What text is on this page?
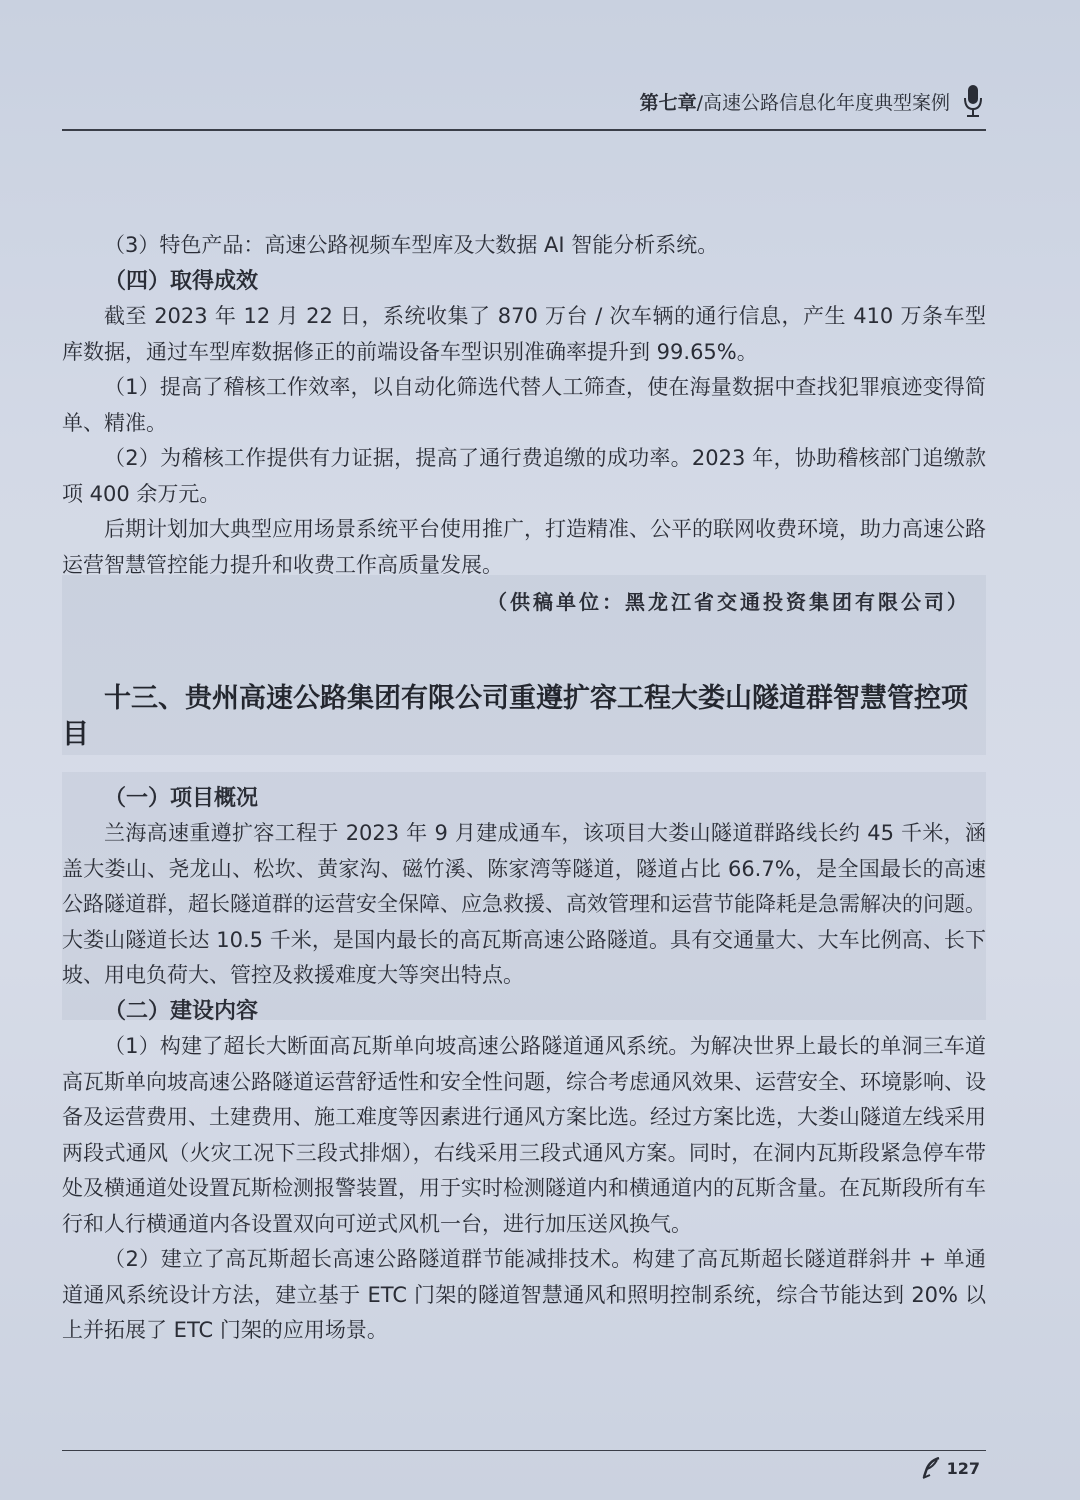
第七章/高速公路信息化年度典型案例

（3）特色产品：高速公路视频车型库及大数据 AI 智能分析系统。

（四）取得成效

截至 2023 年 12 月 22 日，系统收集了 870 万台 / 次车辆的通行信息，产生 410 万条车型库数据，通过车型库数据修正的前端设备车型识别准确率提升到 99.65%。

（1）提高了稽核工作效率，以自动化筛选代替人工筛查，使在海量数据中查找犯罪痕迹变得简单、精准。

（2）为稽核工作提供有力证据，提高了通行费追缴的成功率。2023 年，协助稽核部门追缴款项 400 余万元。

后期计划加大典型应用场景系统平台使用推广，打造精准、公平的联网收费环境，助力高速公路运营智慧管控能力提升和收费工作高质量发展。

（供稿单位：黑龙江省交通投资集团有限公司）
十三、贵州高速公路集团有限公司重遵扩容工程大娄山隧道群智慧管控项目
（一）项目概况

兰海高速重遵扩容工程于 2023 年 9 月建成通车，该项目大娄山隧道群路线长约 45 千米，涵盖大娄山、尧龙山、松坎、黄家沟、磁竹溪、陈家湾等隧道，隧道占比 66.7%，是全国最长的高速公路隧道群，超长隧道群的运营安全保障、应急救援、高效管理和运营节能降耗是急需解决的问题。大娄山隧道长达 10.5 千米，是国内最长的高瓦斯高速公路隧道。具有交通量大、大车比例高、长下坡、用电负荷大、管控及救援难度大等突出特点。

（二）建设内容

（1）构建了超长大断面高瓦斯单向坡高速公路隧道通风系统。为解决世界上最长的单洞三车道高瓦斯单向坡高速公路隧道运营舒适性和安全性问题，综合考虑通风效果、运营安全、环境影响、设备及运营费用、土建费用、施工难度等因素进行通风方案比选。经过方案比选，大娄山隧道左线采用两段式通风（火灾工况下三段式排烟），右线采用三段式通风方案。同时，在洞内瓦斯段紧急停车带处及横通道处设置瓦斯检测报警装置，用于实时检测隧道内和横通道内的瓦斯含量。在瓦斯段所有车行和人行横通道内各设置双向可逆式风机一台，进行加压送风换气。

（2）建立了高瓦斯超长高速公路隧道群节能减排技术。构建了高瓦斯超长隧道群斜井 + 单通道通风系统设计方法，建立基于 ETC 门架的隧道智慧通风和照明控制系统，综合节能达到 20% 以上并拓展了 ETC 门架的应用场景。

127
